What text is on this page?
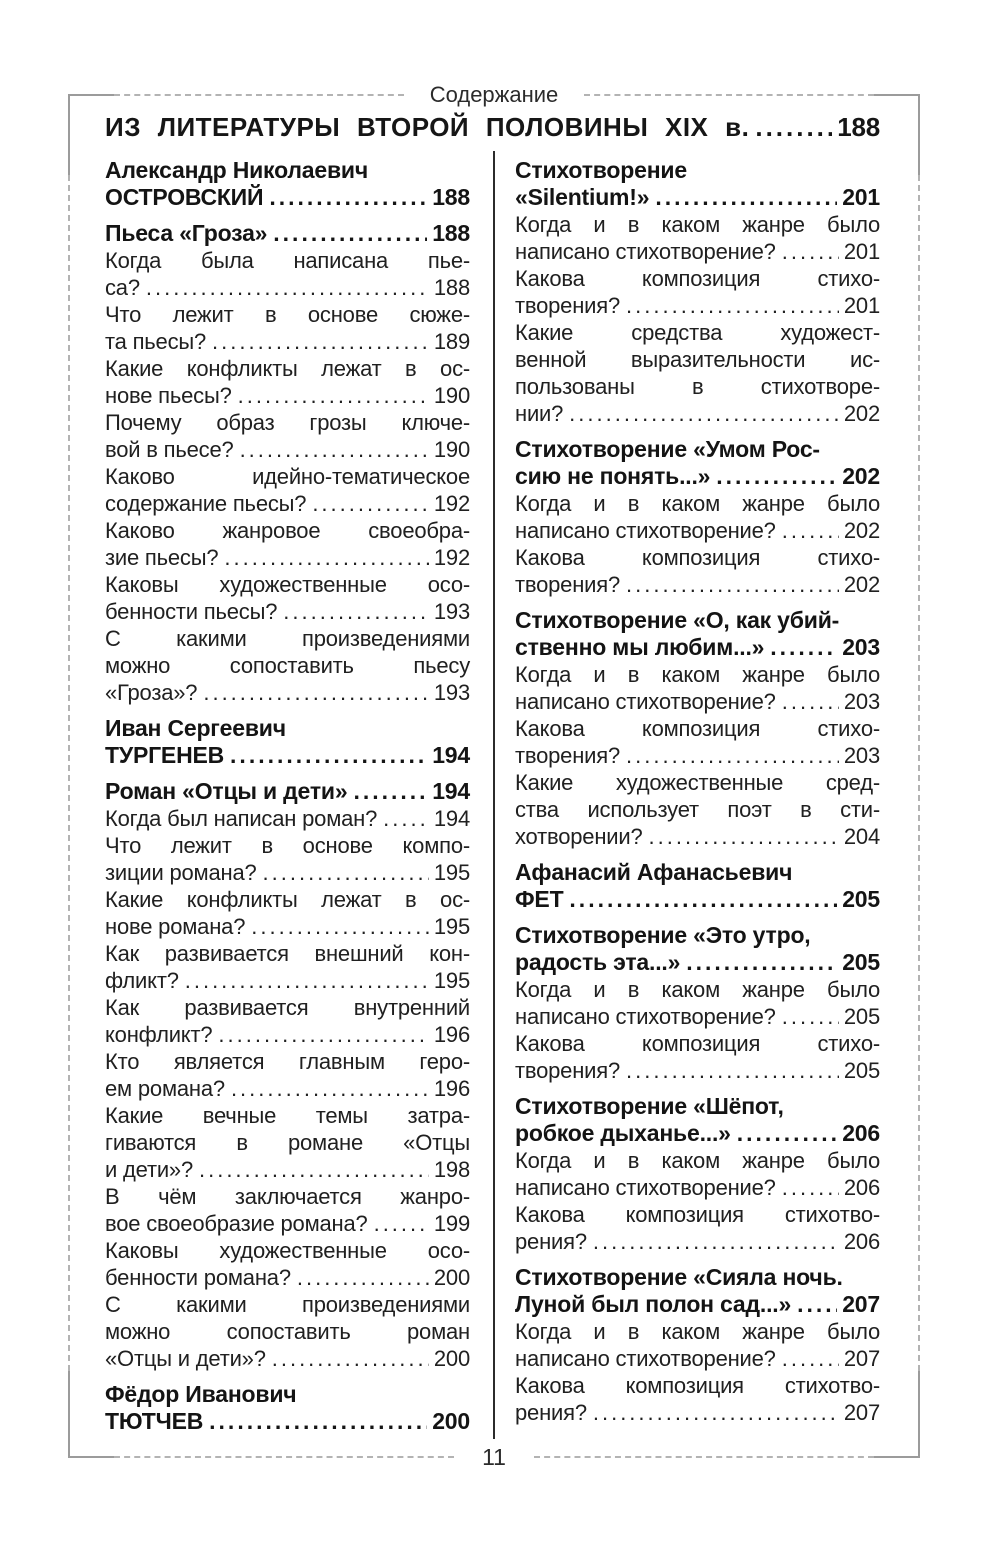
Содержание
11
ИЗ ЛИТЕРАТУРЫ ВТОРОЙ ПОЛОВИНЫ XIX в. .....	188
Александр Николаевич
ОСТРОВСКИЙ .....	188
Пьеса «Гроза» .....	188
Когда была написана пье-
са? .....	188
Что лежит в основе сюже-
та пьесы? .....	189
Какие конфликты лежат в ос-
нове пьесы? .....	190
Почему образ грозы ключе-
вой в пьесе? .....	190
Каково идейно-тематическое
содержание пьесы? .....	192
Каково жанровое своеобра-
зие пьесы? .....	192
Каковы художественные осо-
бенности пьесы? .....	193
С какими произведениями
можно сопоставить пьесу
«Гроза»? .....	193
Иван Сергеевич
ТУРГЕНЕВ .....	194
Роман «Отцы и дети» .....	194
Когда был написан роман? .....	194
Что лежит в основе компо-
зиции романа? .....	195
Какие конфликты лежат в ос-
нове романа? .....	195
Как развивается внешний кон-
фликт? .....	195
Как развивается внутренний
конфликт? .....	196
Кто является главным геро-
ем романа? .....	196
Какие вечные темы затра-
гиваются в романе «Отцы
и дети»? .....	198
В чём заключается жанро-
вое своеобразие романа? .....	199
Каковы художественные осо-
бенности романа? .....	200
С какими произведениями
можно сопоставить роман
«Отцы и дети»? .....	200
Фёдор Иванович
ТЮТЧЕВ .....	200
Стихотворение
«Silentium!» .....	201
Когда и в каком жанре было
написано стихотворение? .....	201
Какова композиция стихо-
творения? .....	201
Какие средства художест-
венной выразительности ис-
пользованы в стихотворе-
нии? .....	202
Стихотворение «Умом Рос-
сию не понять...» .....	202
Когда и в каком жанре было
написано стихотворение? .....	202
Какова композиция стихо-
творения? .....	202
Стихотворение «О, как убий-
ственно мы любим...» .....	203
Когда и в каком жанре было
написано стихотворение? .....	203
Какова композиция стихо-
творения? .....	203
Какие художественные сред-
ства использует поэт в сти-
хотворении? .....	204
Афанасий Афанасьевич
ФЕТ .....	205
Стихотворение «Это утро,
радость эта...» .....	205
Когда и в каком жанре было
написано стихотворение? .....	205
Какова композиция стихо-
творения? .....	205
Стихотворение «Шёпот,
робкое дыханье...» .....	206
Когда и в каком жанре было
написано стихотворение? .....	206
Какова композиция стихотво-
рения? .....	206
Стихотворение «Сияла ночь.
Луной был полон сад...» ..... 207
Когда и в каком жанре было
написано стихотворение? .....	207
Какова композиция стихотво-
рения? .....	207
